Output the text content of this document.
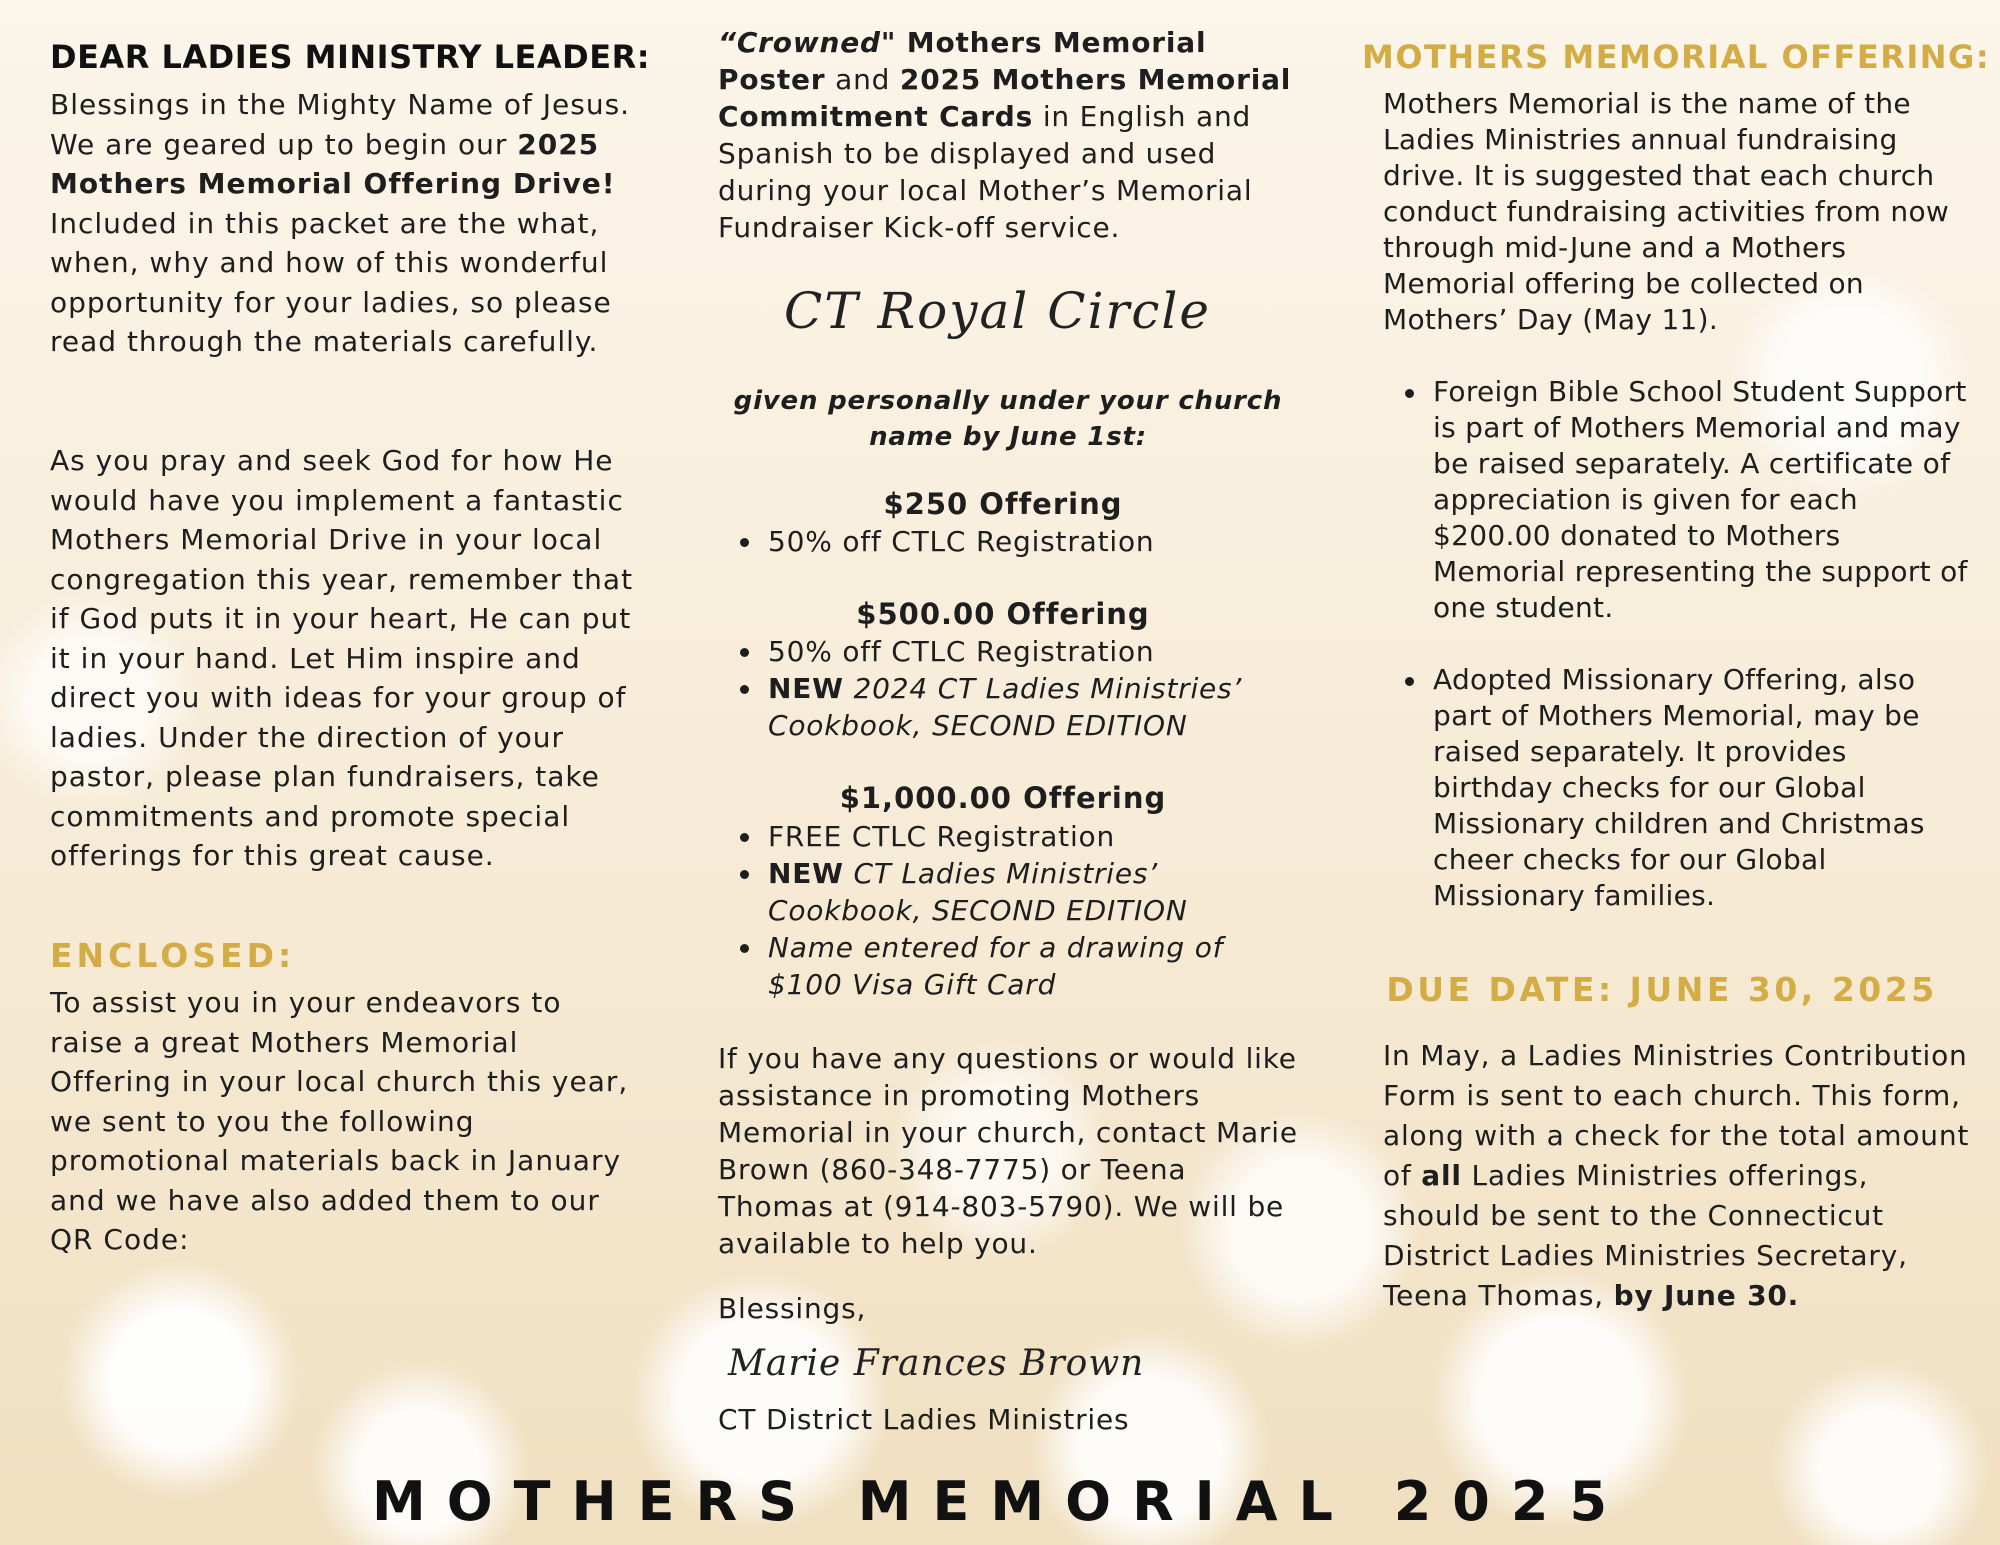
DEAR LADIES MINISTRY LEADER:

Blessings in the Mighty Name of Jesus. We are geared up to begin our 2025 Mothers Memorial Offering Drive! Included in this packet are the what, when, why and how of this wonderful opportunity for your ladies, so please read through the materials carefully.

As you pray and seek God for how He would have you implement a fantastic Mothers Memorial Drive in your local congregation this year, remember that if God puts it in your heart, He can put it in your hand. Let Him inspire and direct you with ideas for your group of ladies. Under the direction of your pastor, please plan fundraisers, take commitments and promote special offerings for this great cause.

ENCLOSED:

To assist you in your endeavors to raise a great Mothers Memorial Offering in your local church this year, we sent to you the following promotional materials back in January and we have also added them to our QR Code:

“Crowned" Mothers Memorial Poster and 2025 Mothers Memorial Commitment Cards in English and Spanish to be displayed and used during your local Mother’s Memorial Fundraiser Kick-off service.

CT Royal Circle

given personally under your church name by June 1st:

$250 Offering

50% off CTLC Registration

$500.00 Offering

50% off CTLC Registration
NEW 2024 CT Ladies Ministries’ Cookbook, SECOND EDITION

$1,000.00 Offering

FREE CTLC Registration
NEW CT Ladies Ministries’ Cookbook, SECOND EDITION
Name entered for a drawing of $100 Visa Gift Card

If you have any questions or would like assistance in promoting Mothers Memorial in your church, contact Marie Brown (860-348-7775) or Teena Thomas at (914-803-5790). We will be available to help you.

Blessings,

Marie Frances Brown

CT District Ladies Ministries

MOTHERS MEMORIAL OFFERING:

Mothers Memorial is the name of the Ladies Ministries annual fundraising drive. It is suggested that each church conduct fundraising activities from now through mid-June and a Mothers Memorial offering be collected on Mothers’ Day (May 11).

Foreign Bible School Student Support is part of Mothers Memorial and may be raised separately. A certificate of appreciation is given for each $200.00 donated to Mothers Memorial representing the support of one student.
Adopted Missionary Offering, also part of Mothers Memorial, may be raised separately. It provides birthday checks for our Global Missionary children and Christmas cheer checks for our Global Missionary families.
DUE DATE: JUNE 30, 2025

In May, a Ladies Ministries Contribution Form is sent to each church. This form, along with a check for the total amount of all Ladies Ministries offerings, should be sent to the Connecticut District Ladies Ministries Secretary, Teena Thomas, by June 30.

MOTHERS MEMORIAL 2025
